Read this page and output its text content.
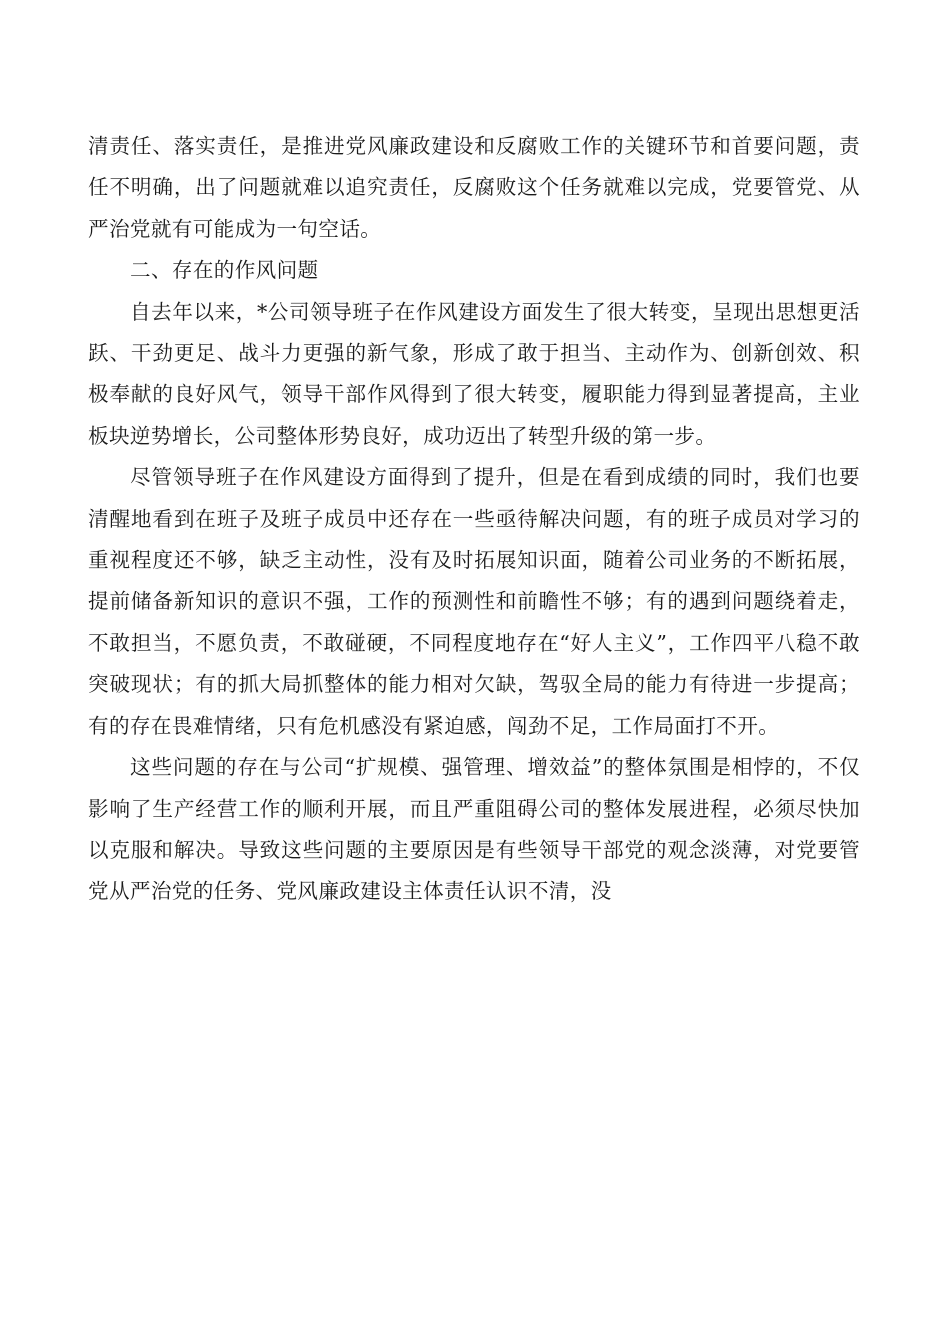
清责任、落实责任，是推进党风廉政建设和反腐败工作的关键环节和首要问题，责任不明确，出了问题就难以追究责任，反腐败这个任务就难以完成，党要管党、从严治党就有可能成为一句空话。

二、存在的作风问题

自去年以来，*公司领导班子在作风建设方面发生了很大转变，呈现出思想更活跃、干劲更足、战斗力更强的新气象，形成了敢于担当、主动作为、创新创效、积极奉献的良好风气，领导干部作风得到了很大转变，履职能力得到显著提高，主业板块逆势增长，公司整体形势良好，成功迈出了转型升级的第一步。

尽管领导班子在作风建设方面得到了提升，但是在看到成绩的同时，我们也要清醒地看到在班子及班子成员中还存在一些亟待解决问题，有的班子成员对学习的重视程度还不够，缺乏主动性，没有及时拓展知识面，随着公司业务的不断拓展，提前储备新知识的意识不强，工作的预测性和前瞻性不够；有的遇到问题绕着走，不敢担当，不愿负责，不敢碰硬，不同程度地存在“好人主义”，工作四平八稳不敢突破现状；有的抓大局抓整体的能力相对欠缺，驾驭全局的能力有待进一步提高；有的存在畏难情绪，只有危机感没有紧迫感，闯劲不足，工作局面打不开。

这些问题的存在与公司“扩规模、强管理、增效益”的整体氛围是相悖的，不仅影响了生产经营工作的顺利开展，而且严重阻碍公司的整体发展进程，必须尽快加以克服和解决。导致这些问题的主要原因是有些领导干部党的观念淡薄，对党要管党从严治党的任务、党风廉政建设主体责任认识不清，没
